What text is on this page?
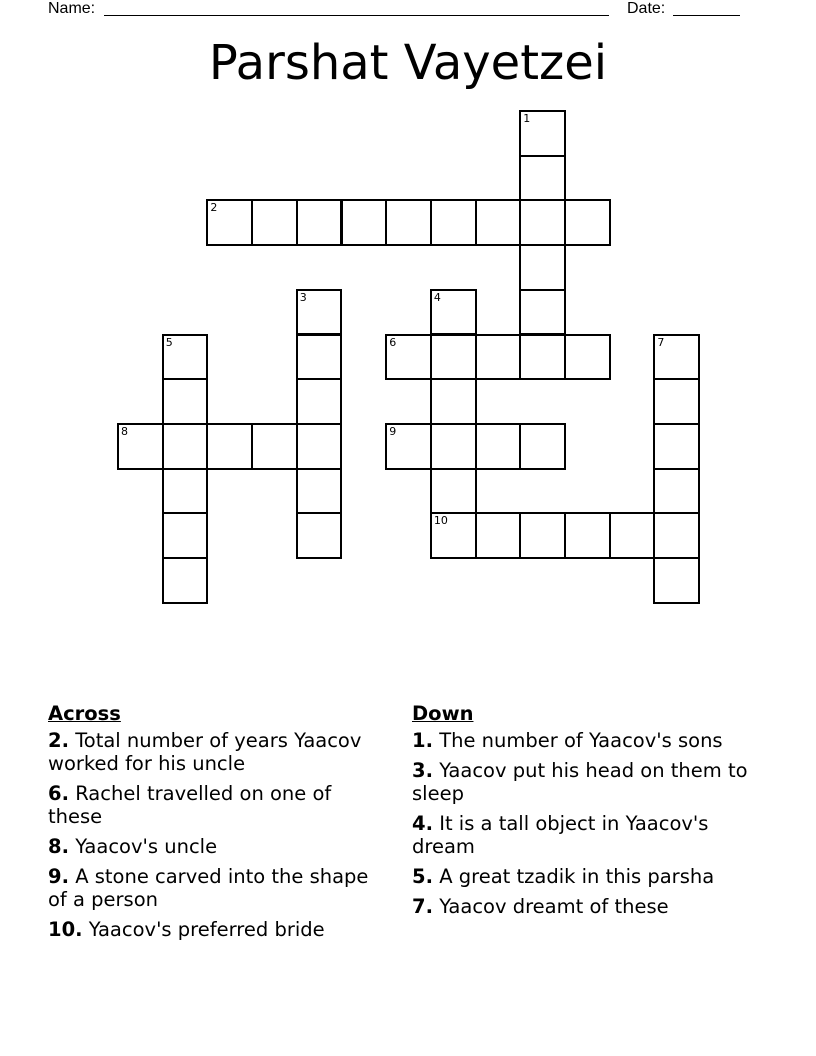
Name:	Date:
Parshat Vayetzei
1
2
3	4
5	6	7
8	9
10
Across
2. Total number of years Yaacov worked for his uncle
6. Rachel travelled on one of these
8. Yaacov's uncle
9. A stone carved into the shape of a person
10. Yaacov's preferred bride
Down
1. The number of Yaacov's sons
3. Yaacov put his head on them to sleep
4. It is a tall object in Yaacov's dream
5. A great tzadik in this parsha
7. Yaacov dreamt of these
